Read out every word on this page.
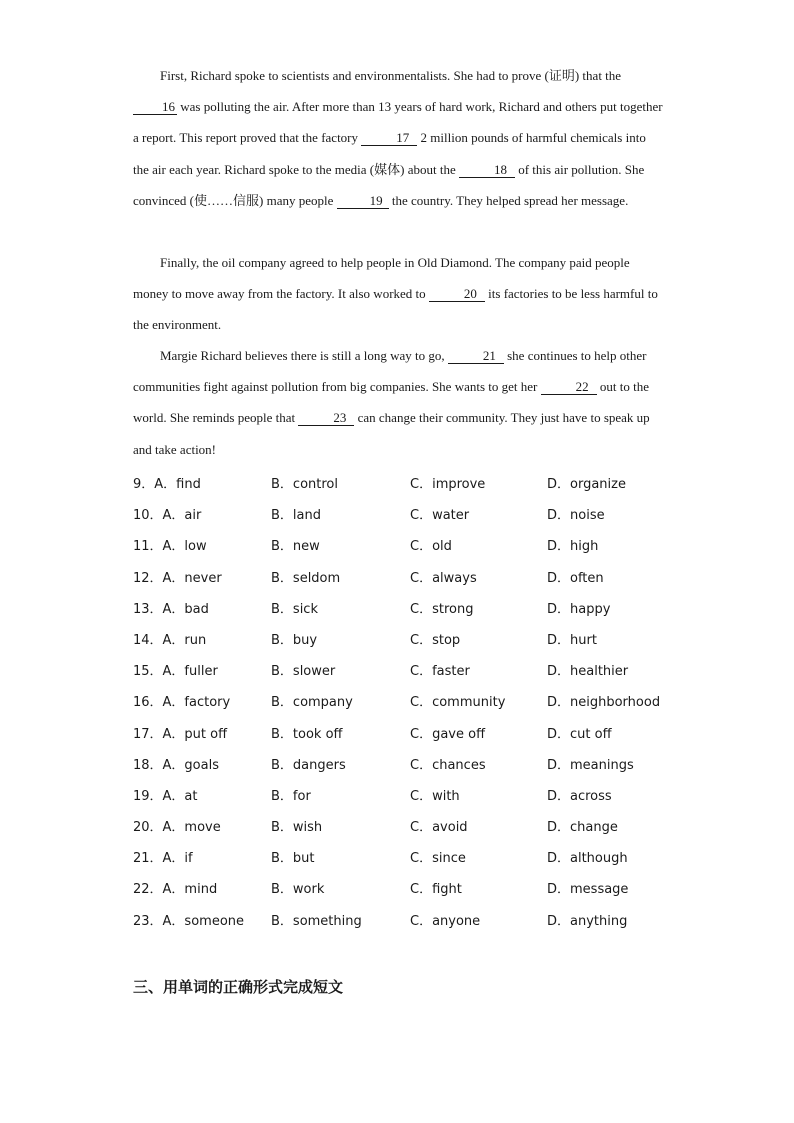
First, Richard spoke to scientists and environmentalists. She had to prove (证明) that the 16 was polluting the air. After more than 13 years of hard work, Richard and others put together a report. This report proved that the factory	17 2 million pounds of harmful chemicals into the air each year. Richard spoke to the media (媒体) about the	18 of this air pollution. She convinced (使……信服) many people	19 the country. They helped spread her message.

Finally, the oil company agreed to help people in Old Diamond. The company paid people money to move away from the factory. It also worked to	20 its factories to be less harmful to the environment.

Margie Richard believes there is still a long way to go,	21 she continues to help other communities fight against pollution from big companies. She wants to get her	22 out to the world. She reminds people that	23 can change their community. They just have to speak up and take action!

9．A．find	B．control	C．improve	D．organize
10．A．air	B．land	C．water	D．noise
11．A．low	B．new	C．old	D．high
12．A．never	B．seldom	C．always	D．often
13．A．bad	B．sick	C．strong	D．happy
14．A．run	B．buy	C．stop	D．hurt
15．A．fuller	B．slower	C．faster	D．healthier
16．A．factory	B．company	C．community	D．neighborhood
17．A．put off	B．took off	C．gave off	D．cut off
18．A．goals	B．dangers	C．chances	D．meanings
19．A．at	B．for	C．with	D．across
20．A．move	B．wish	C．avoid	D．change
21．A．if	B．but	C．since	D．although
22．A．mind	B．work	C．fight	D．message
23．A．someone B．something	C．anyone	D．anything
三、用单词的正确形式完成短文
